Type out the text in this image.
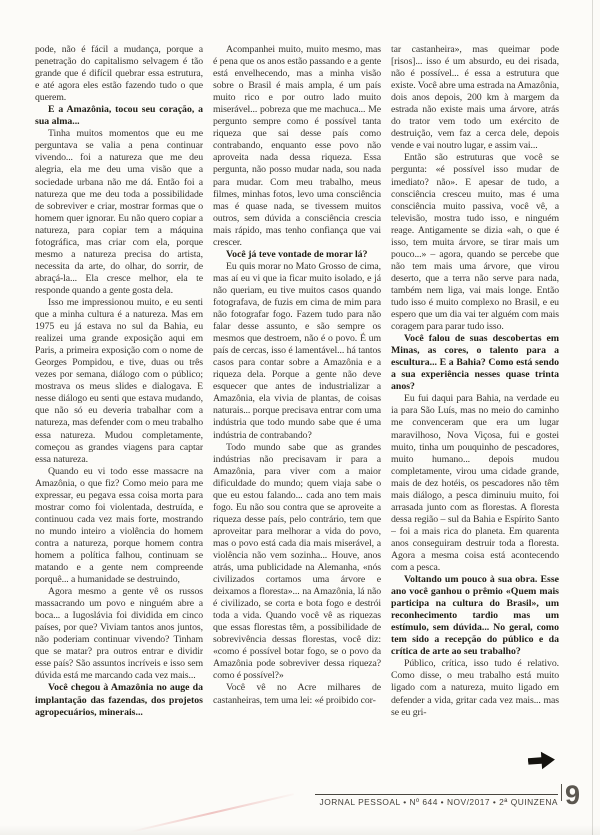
pode, não é fácil a mudança, porque a penetração do capitalismo selvagem é tão grande que é difícil quebrar essa estrutura, e até agora eles estão fazendo tudo o que querem.

E a Amazônia, tocou seu coração, a sua alma...

Tinha muitos momentos que eu me perguntava se valia a pena continuar vivendo... foi a natureza que me deu alegria, ela me deu uma visão que a sociedade urbana não me dá. Então foi a natureza que me deu toda a possibilidade de sobreviver e criar, mostrar formas que o homem quer ignorar. Eu não quero copiar a natureza, para copiar tem a máquina fotográfica, mas criar com ela, porque mesmo a natureza precisa do artista, necessita da arte, do olhar, do sorrir, de abraçá-la... Ela cresce melhor, ela te responde quando a gente gosta dela.

Isso me impressionou muito, e eu senti que a minha cultura é a natureza. Mas em 1975 eu já estava no sul da Bahia, eu realizei uma grande exposição aqui em Paris, a primeira exposição com o nome de Georges Pompidou, e tive, duas ou três vezes por semana, diálogo com o público; mostrava os meus slides e dialogava. E nesse diálogo eu senti que estava mudando, que não só eu deveria trabalhar com a natureza, mas defender com o meu trabalho essa natureza. Mudou completamente, começou as grandes viagens para captar essa natureza.

Quando eu vi todo esse massacre na Amazônia, o que fiz? Como meio para me expressar, eu pegava essa coisa morta para mostrar como foi violentada, destruída, e continuou cada vez mais forte, mostrando no mundo inteiro a violência do homem contra a natureza, porque homem contra homem a política falhou, continuam se matando e a gente nem compreende porquê... a humanidade se destruindo,

Agora mesmo a gente vê os russos massacrando um povo e ninguém abre a boca... a Iugoslávia foi dividida em cinco países, por que? Viviam tantos anos juntos, não poderiam continuar vivendo? Tinham que se matar? pra outros entrar e dividir esse país? São assuntos incríveis e isso sem dúvida está me marcando cada vez mais...

Você chegou à Amazônia no auge da implantação das fazendas, dos projetos agropecuários, minerais...

Acompanhei muito, muito mesmo, mas é pena que os anos estão passando e a gente está envelhecendo, mas a minha visão sobre o Brasil é mais ampla, é um país muito rico e por outro lado muito miserável... pobreza que me machuca... Me pergunto sempre como é possível tanta riqueza que sai desse país como contrabando, enquanto esse povo não aproveita nada dessa riqueza. Essa pergunta, não posso mudar nada, sou nada para mudar. Com meu trabalho, meus filmes, minhas fotos, levo uma consciência mas é quase nada, se tivessem muitos outros, sem dúvida a consciência crescia mais rápido, mas tenho confiança que vai crescer.

Você já teve vontade de morar lá?

Eu quis morar no Mato Grosso de cima, mas aí eu vi que ia ficar muito isolado, e já não queriam, eu tive muitos casos quando fotografava, de fuzis em cima de mim para não fotografar fogo. Fazem tudo para não falar desse assunto, e são sempre os mesmos que destroem, não é o povo. É um país de cercas, isso é lamentável... há tantos casos para contar sobre a Amazônia e a riqueza dela. Porque a gente não deve esquecer que antes de industrializar a Amazônia, ela vivia de plantas, de coisas naturais... porque precisava entrar com uma indústria que todo mundo sabe que é uma indústria de contrabando?

Todo mundo sabe que as grandes indústrias não precisavam ir para a Amazônia, para viver com a maior dificuldade do mundo; quem viaja sabe o que eu estou falando... cada ano tem mais fogo. Eu não sou contra que se aproveite a riqueza desse país, pelo contrário, tem que aproveitar para melhorar a vida do povo, mas o povo está cada dia mais miserável, a violência não vem sozinha... Houve, anos atrás, uma publicidade na Alemanha, «nós civilizados cortamos uma árvore e deixamos a floresta»... na Amazônia, lá não é civilizado, se corta e bota fogo e destrói toda a vida. Quando você vê as riquezas que essas florestas têm, a possibilidade de sobrevivência dessas florestas, você diz: «como é possível botar fogo, se o povo da Amazônia pode sobreviver dessa riqueza? como é possível?»

Você vê no Acre milhares de castanheiras, tem uma lei: «é proibido cor-

tar castanheira», mas queimar pode [risos]... isso é um absurdo, eu dei risada, não é possível... é essa a estrutura que existe. Você abre uma estrada na Amazônia, dois anos depois, 200 km à margem da estrada não existe mais uma árvore, atrás do trator vem todo um exército de destruição, vem faz a cerca dele, depois vende e vai noutro lugar, e assim vai...

Então são estruturas que você se pergunta: «é possível isso mudar de imediato? não». E apesar de tudo, a consciência cresceu muito, mas é uma consciência muito passiva, você vê, a televisão, mostra tudo isso, e ninguém reage. Antigamente se dizia «ah, o que é isso, tem muita árvore, se tirar mais um pouco...» – agora, quando se percebe que não tem mais uma árvore, que virou deserto, que a terra não serve para nada, também nem liga, vai mais longe. Então tudo isso é muito complexo no Brasil, e eu espero que um dia vai ter alguém com mais coragem para parar tudo isso.

Você falou de suas descobertas em Minas, as cores, o talento para a escultura... E a Bahia? Como está sendo a sua experiência nesses quase trinta anos?

Eu fui daqui para Bahia, na verdade eu ia para São Luís, mas no meio do caminho me convenceram que era um lugar maravilhoso, Nova Viçosa, fui e gostei muito, tinha um pouquinho de pescadores, muito humano... depois mudou completamente, virou uma cidade grande, mais de dez hotéis, os pescadores não têm mais diálogo, a pesca diminuiu muito, foi arrasada junto com as florestas. A floresta dessa região – sul da Bahia e Espírito Santo – foi a mais rica do planeta. Em quarenta anos conseguiram destruir toda a floresta. Agora a mesma coisa está acontecendo com a pesca.

Voltando um pouco à sua obra. Esse ano você ganhou o prêmio «Quem mais participa na cultura do Brasil», um reconhecimento tardio mas um estímulo, sem dúvida... No geral, como tem sido a recepção do público e da crítica de arte ao seu trabalho?

Público, crítica, isso tudo é relativo. Como disse, o meu trabalho está muito ligado com a natureza, muito ligado em defender a vida, gritar cada vez mais... mas se eu gri-

JORNAL PESSOAL • Nº 644 • NOV/2017 • 2ª QUINZENA 9
